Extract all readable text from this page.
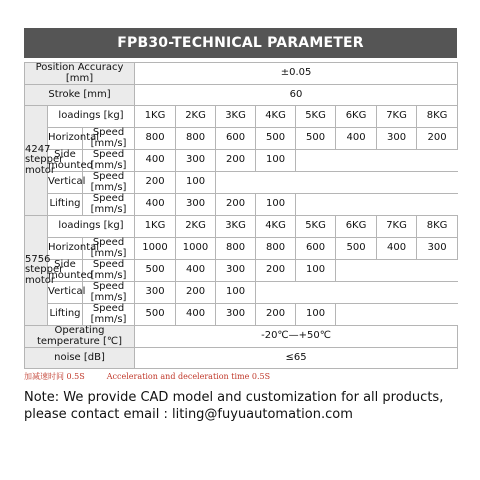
FPB30-TECHNICAL PARAMETER
Position Accuracy [mm]			±0.05							
Stroke [mm]			60							
4247 stepper motor	loadings [kg]		1KG	2KG	3KG	4KG	5KG	6KG	7KG	8KG
	Horizontal	Speed [mm/s]	800	800	600	500	500	400	300	200
	Side mounted	Speed [mm/s]	400	300	200	100				
	Vertical	Speed [mm/s]	200	100						
	Lifting	Speed [mm/s]	400	300	200	100				
5756 stepper motor	loadings [kg]		1KG	2KG	3KG	4KG	5KG	6KG	7KG	8KG
	Horizontal	Speed [mm/s]	1000	1000	800	800	600	500	400	300
	Side mounted	Speed [mm/s]	500	400	300	200	100			
	Vertical	Speed [mm/s]	300	200	100					
	Lifting	Speed [mm/s]	500	400	300	200	100			
Operating temperature [℃]			-20℃—+50℃							
noise [dB]			≤65							
加减速时间 0.5S	Acceleration and deceleration time 0.5S
Note: We provide CAD model and customization for all products,
please contact email : liting@fuyuautomation.com
